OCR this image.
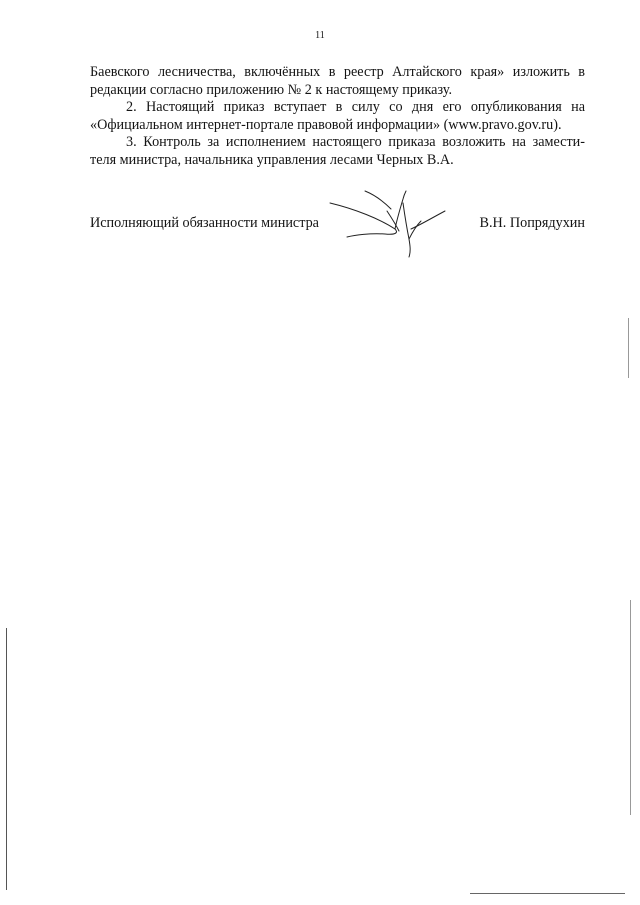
11

Баевского лесничества, включённых в реестр Алтайского края» изложить в

редакции согласно приложению № 2 к настоящему приказу.

2. Настоящий приказ вступает в силу со дня его опубликования на

«Официальном интернет-портале правовой информации» (www.pravo.gov.ru).

3. Контроль за исполнением настоящего приказа возложить на замести-

теля министра, начальника управления лесами Черных В.А.

Исполняющий обязанности министра	В.Н. Попрядухин
